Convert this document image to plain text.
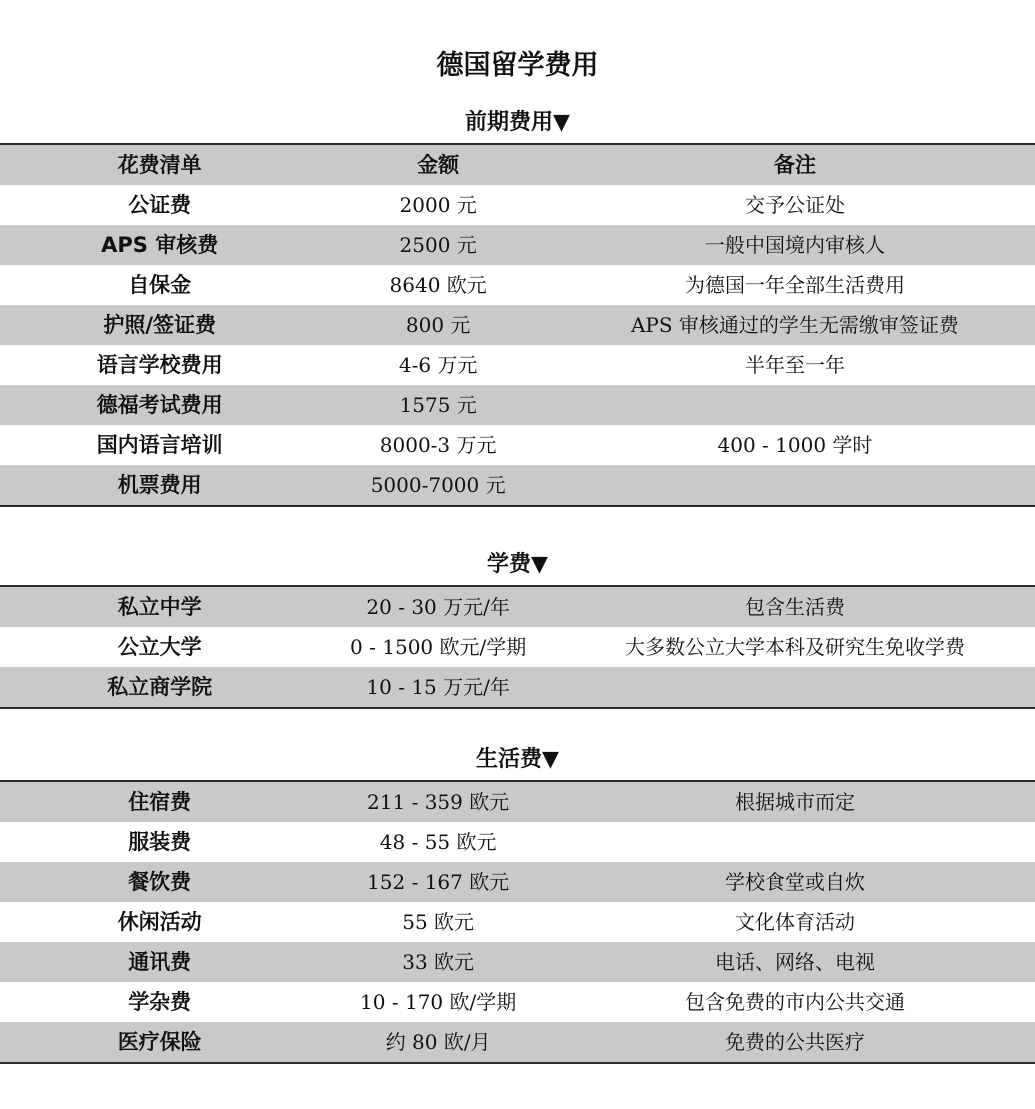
德国留学费用
前期费用▼
花费清单	金额	备注
公证费	2000 元	交予公证处
APS 审核费	2500 元	一般中国境内审核人
自保金	8640 欧元	为德国一年全部生活费用
护照/签证费	800 元	APS 审核通过的学生无需缴审签证费
语言学校费用	4-6 万元	半年至一年
德福考试费用	1575 元
国内语言培训	8000-3 万元	400 - 1000 学时
机票费用	5000-7000 元
学费▼
私立中学	20 - 30 万元/年	包含生活费
公立大学	0 - 1500 欧元/学期	大多数公立大学本科及研究生免收学费
私立商学院	10 - 15 万元/年
生活费▼
住宿费	211 - 359 欧元	根据城市而定
服装费	48 - 55 欧元
餐饮费	152 - 167 欧元	学校食堂或自炊
休闲活动	55 欧元	文化体育活动
通讯费	33 欧元	电话、网络、电视
学杂费	10 - 170 欧/学期	包含免费的市内公共交通
医疗保险	约 80 欧/月	免费的公共医疗
